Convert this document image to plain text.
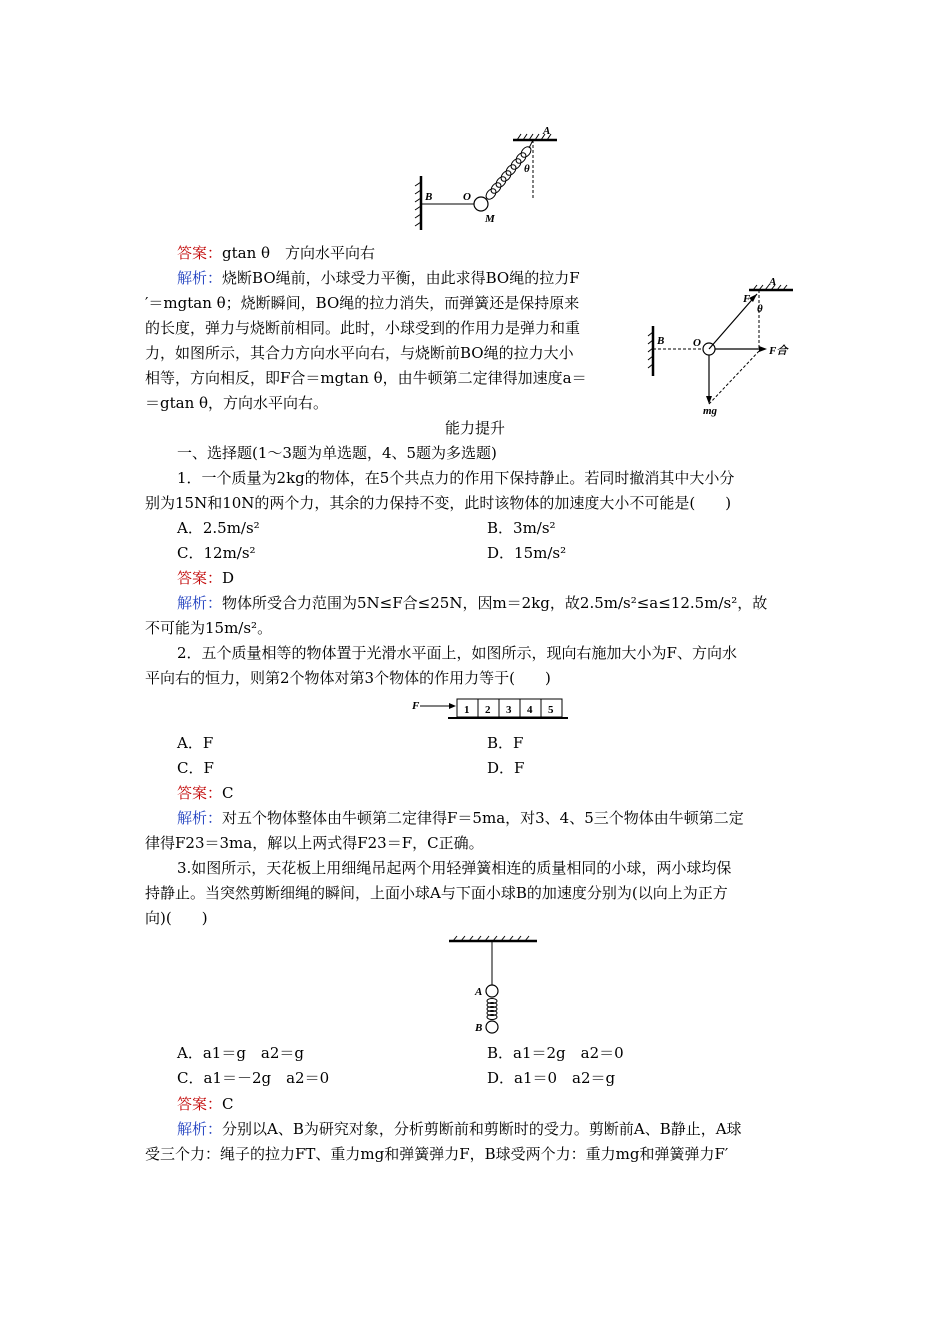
A
B	O
M
θ
答案：gtan θ　方向水平向右
解析：烧断BO绳前，小球受力平衡，由此求得BO绳的拉力F
′＝mgtan θ；烧断瞬间，BO绳的拉力消失，而弹簧还是保持原来
的长度，弹力与烧断前相同。此时，小球受到的作用力是弹力和重
力，如图所示，其合力方向水平向右，与烧断前BO绳的拉力大小
相等，方向相反，即F合＝mgtan θ，由牛顿第二定律得加速度a＝
＝gtan θ，方向水平向右。
A
B	O
F
θ
F合
mg
能力提升
一、选择题(1～3题为单选题，4、5题为多选题)
1．一个质量为2kg的物体，在5个共点力的作用下保持静止。若同时撤消其中大小分
别为15N和10N的两个力，其余的力保持不变，此时该物体的加速度大小不可能是(　　)
A．2.5m/s²	B．3m/s²
C．12m/s²	D．15m/s²
答案：D
解析：物体所受合力范围为5N≤F合≤25N，因m＝2kg，故2.5m/s²≤a≤12.5m/s²，故
不可能为15m/s²。
2．五个质量相等的物体置于光滑水平面上，如图所示，现向右施加大小为F、方向水
平向右的恒力，则第2个物体对第3个物体的作用力等于(　　)
F	1 2 3 4 5
A．F	B．F
C．F	D．F
答案：C
解析：对五个物体整体由牛顿第二定律得F＝5ma，对3、4、5三个物体由牛顿第二定
律得F23＝3ma，解以上两式得F23＝F，C正确。
3.如图所示，天花板上用细绳吊起两个用轻弹簧相连的质量相同的小球，两小球均保
持静止。当突然剪断细绳的瞬间，上面小球A与下面小球B的加速度分别为(以向上为正方
向)(　　)
A
B
A．a1＝g　a2＝g	B．a1＝2g　a2＝0
C．a1＝－2g　a2＝0	D．a1＝0　a2＝g
答案：C
解析：分别以A、B为研究对象，分析剪断前和剪断时的受力。剪断前A、B静止，A球
受三个力：绳子的拉力FT、重力mg和弹簧弹力F，B球受两个力：重力mg和弹簧弹力F′
